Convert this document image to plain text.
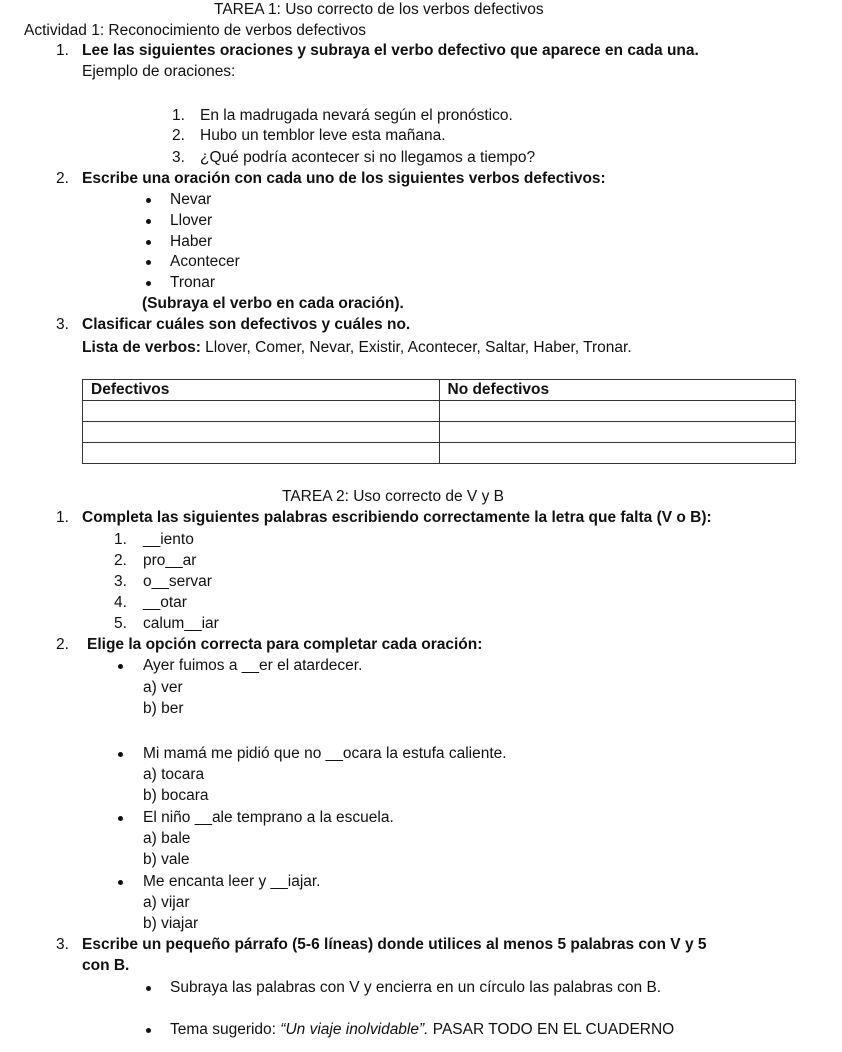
TAREA 1: Uso correcto de los verbos defectivos
Actividad 1: Reconocimiento de verbos defectivos
1. Lee las siguientes oraciones y subraya el verbo defectivo que aparece en cada una.
Ejemplo de oraciones:
1. En la madrugada nevará según el pronóstico.
2. Hubo un temblor leve esta mañana.
3. ¿Qué podría acontecer si no llegamos a tiempo?
2. Escribe una oración con cada uno de los siguientes verbos defectivos:
Nevar
Llover
Haber
Acontecer
Tronar
(Subraya el verbo en cada oración).
3. Clasificar cuáles son defectivos y cuáles no.
Lista de verbos: Llover, Comer, Nevar, Existir, Acontecer, Saltar, Haber, Tronar.
Defectivos	No defectivos

TAREA 2: Uso correcto de V y B
1. Completa las siguientes palabras escribiendo correctamente la letra que falta (V o B):
1. __iento
2. pro__ar
3. o__servar
4. __otar
5. calum__iar
2. Elige la opción correcta para completar cada oración:
Ayer fuimos a __er el atardecer.
a) ver
b) ber
Mi mamá me pidió que no __ocara la estufa caliente.
a) tocara
b) bocara
El niño __ale temprano a la escuela.
a) bale
b) vale
Me encanta leer y __iajar.
a) vijar
b) viajar
3. Escribe un pequeño párrafo (5-6 líneas) donde utilices al menos 5 palabras con V y 5
con B.
Subraya las palabras con V y encierra en un círculo las palabras con B.
Tema sugerido: “Un viaje inolvidable”. PASAR TODO EN EL CUADERNO
